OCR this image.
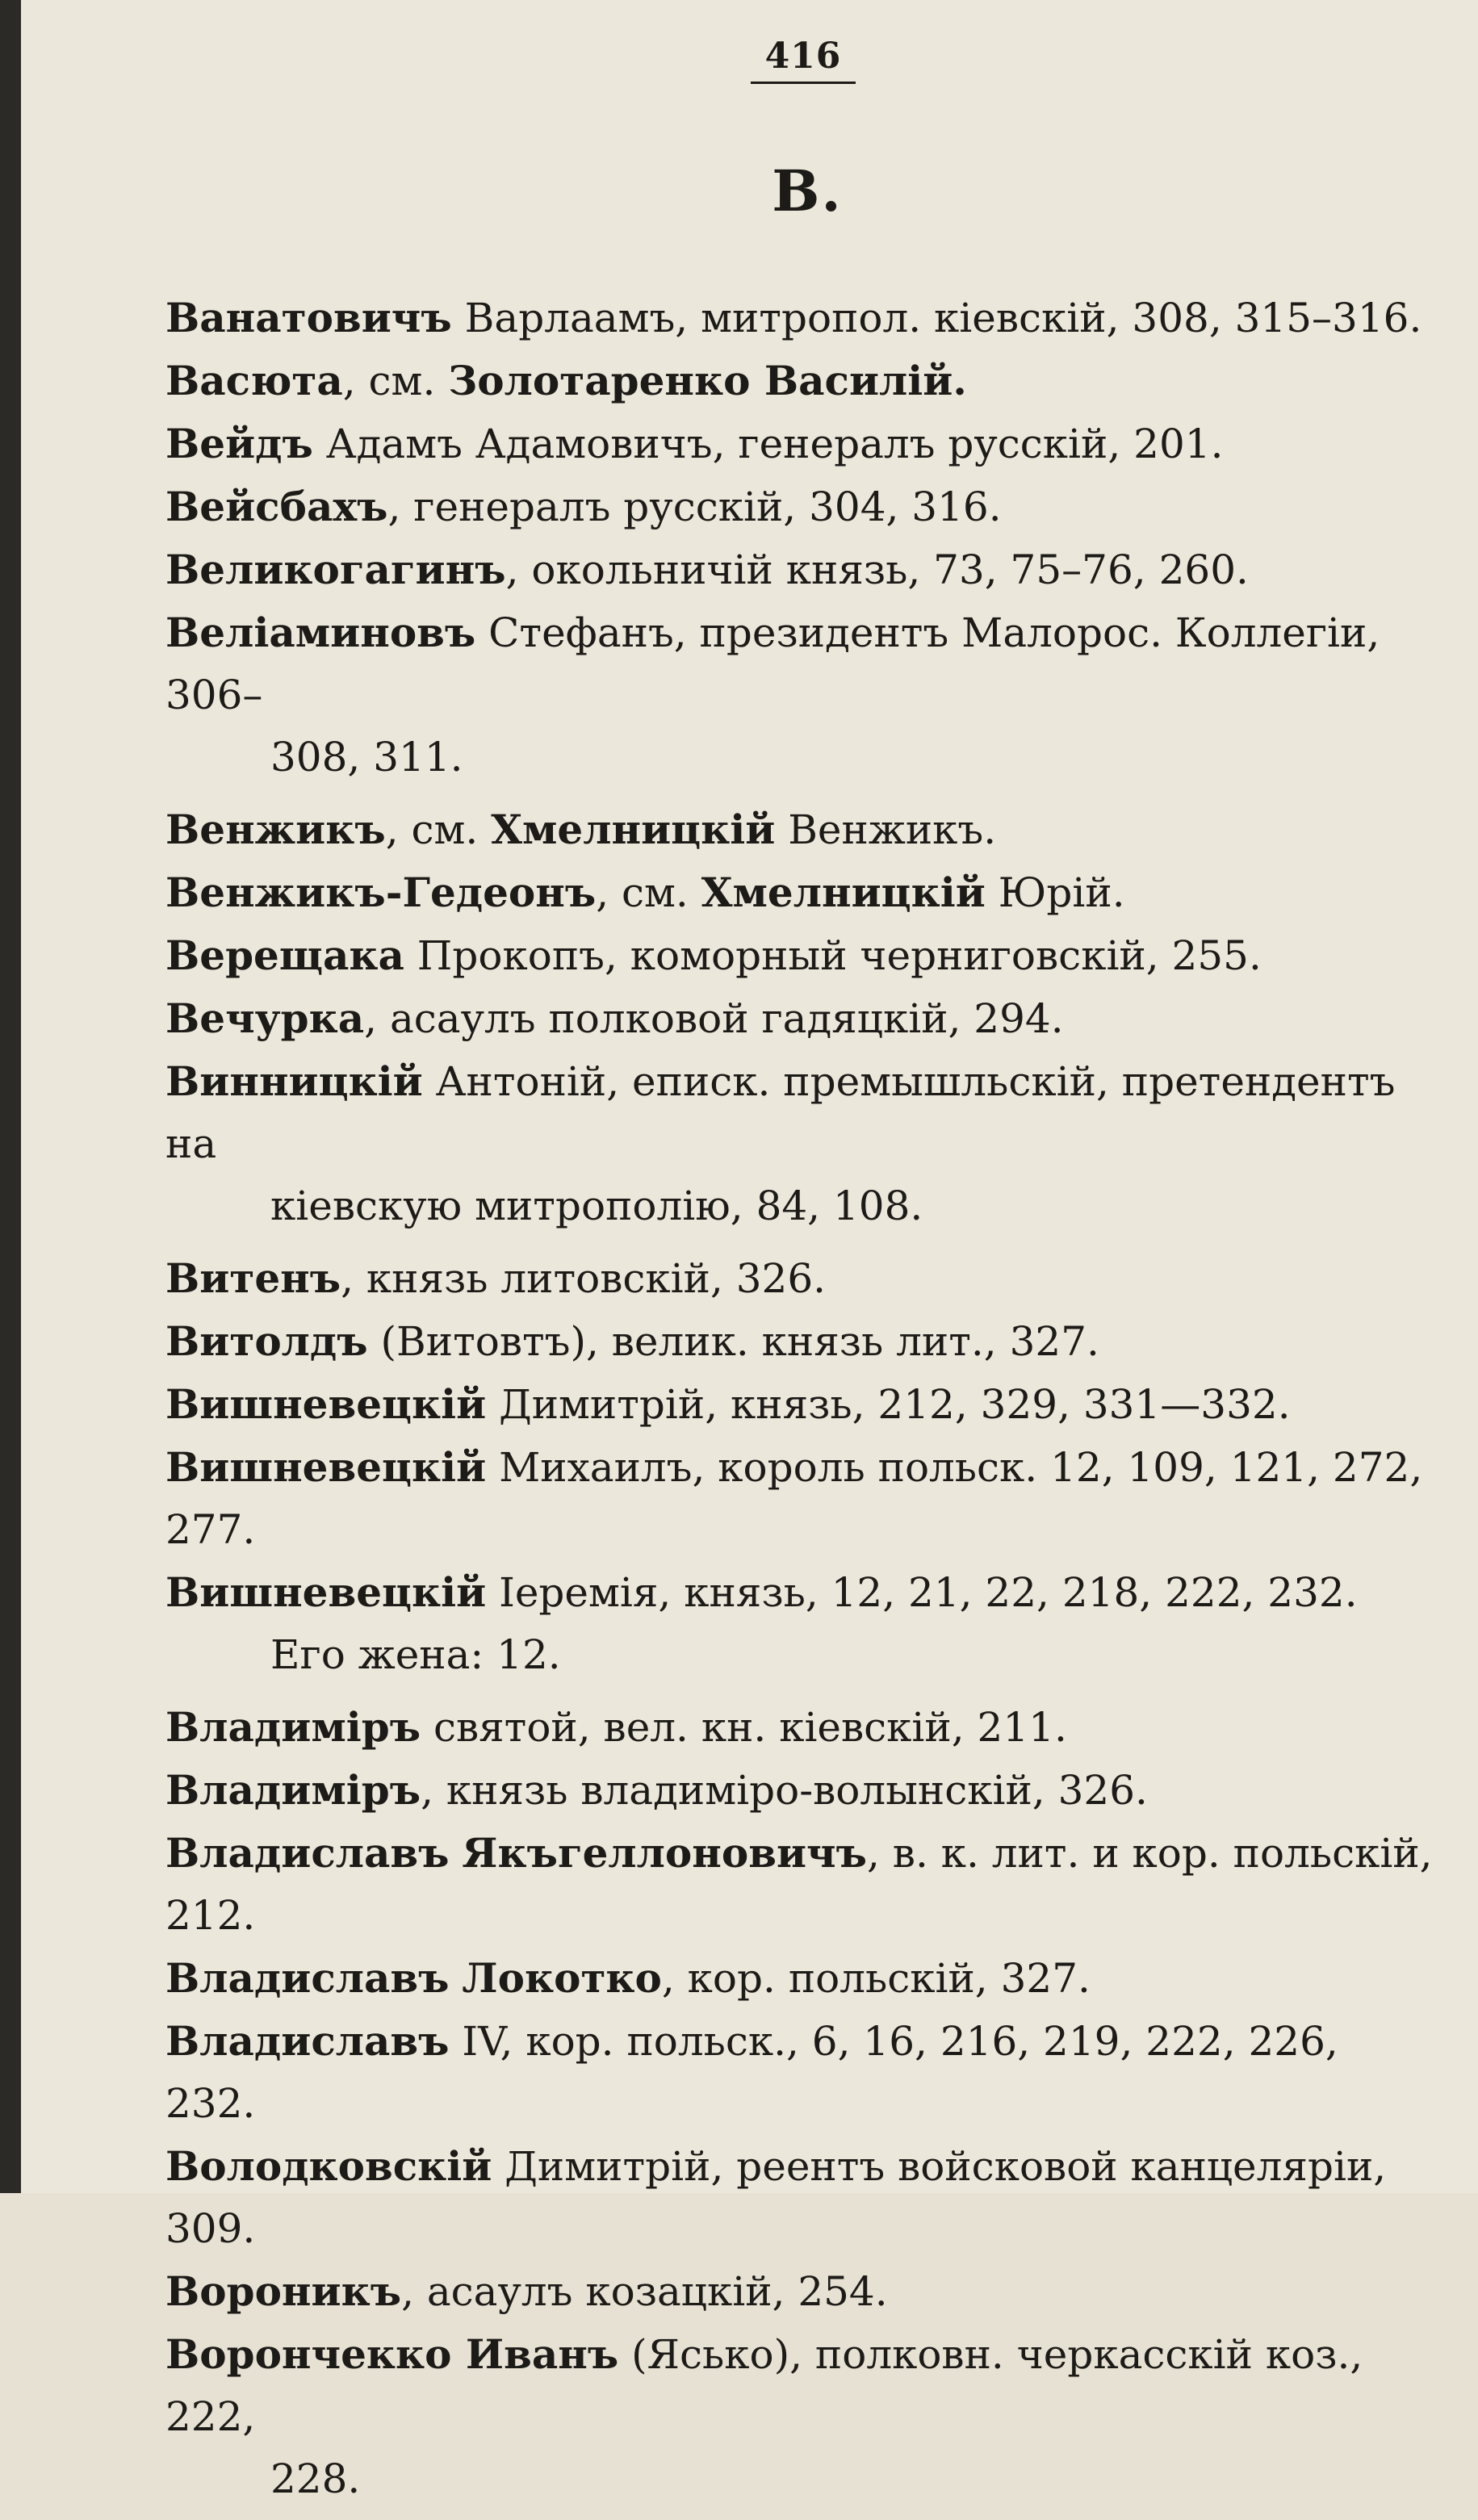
416
В.
Ванатовичъ Варлаамъ, митропол. кіевскій, 308, 315–316.
Васюта, см. Золотаренко Василій.
Вейдъ Адамъ Адамовичъ, генералъ русскій, 201.
Вейсбахъ, генералъ русскій, 304, 316.
Великогагинъ, окольничій князь, 73, 75–76, 260.
Веліаминовъ Стефанъ, президентъ Малорос. Коллегіи, 306–
308, 311.
Венжикъ, см. Хмелницкій Венжикъ.
Венжикъ-Гедеонъ, см. Хмелницкій Юрій.
Верещака Прокопъ, коморный черниговскій, 255.
Вечурка, асаулъ полковой гадяцкій, 294.
Винницкій Антоній, еписк. премышльскій, претендентъ на
кіевскую митрополію, 84, 108.
Витенъ, князь литовскій, 326.
Витолдъ (Витовтъ), велик. князь лит., 327.
Вишневецкій Димитрій, князь, 212, 329, 331—332.
Вишневецкій Михаилъ, король польск. 12, 109, 121, 272, 277.
Вишневецкій Іеремія, князь, 12, 21, 22, 218, 222, 232.
Его жена: 12.
Владиміръ святой, вел. кн. кіевскій, 211.
Владиміръ, князь владиміро-волынскій, 326.
Владиславъ Якъгеллоновичъ, в. к. лит. и кор. польскій, 212.
Владиславъ Локотко, кор. польскій, 327.
Владиславъ IV, кор. польск., 6, 16, 216, 219, 222, 226, 232.
Володковскій Димитрій, реентъ войсковой канцеляріи, 309.
Вороникъ, асаулъ козацкій, 254.
Ворончекко Иванъ (Ясько), полковн. черкасскій коз., 222,
228.
